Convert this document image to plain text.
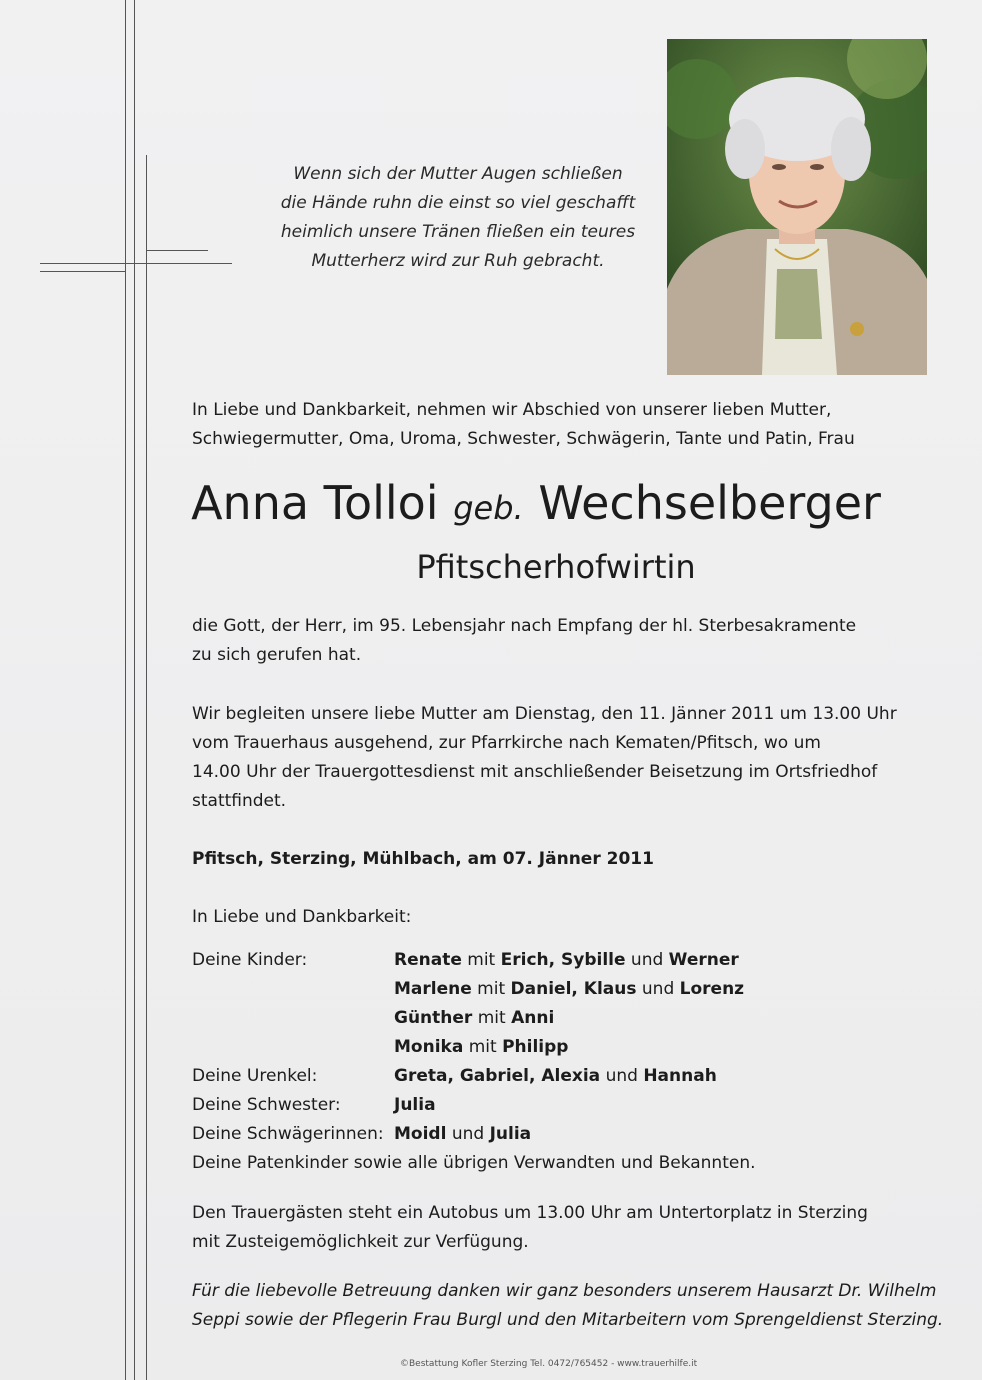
Wenn sich der Mutter Augen schließen
die Hände ruhn die einst so viel geschafft
heimlich unsere Tränen fließen ein teures
Mutterherz wird zur Ruh gebracht.
In Liebe und Dankbarkeit, nehmen wir Abschied von unserer lieben Mutter,
Schwiegermutter, Oma, Uroma, Schwester, Schwägerin, Tante und Patin, Frau
Anna Tolloi geb. Wechselberger
Pfitscherhofwirtin
die Gott, der Herr, im 95. Lebensjahr nach Empfang der hl. Sterbesakramente
zu sich gerufen hat.
Wir begleiten unsere liebe Mutter am Dienstag, den 11. Jänner 2011 um 13.00 Uhr
vom Trauerhaus ausgehend, zur Pfarrkirche nach Kematen/Pfitsch, wo um
14.00 Uhr der Trauergottesdienst mit anschließender Beisetzung im Ortsfriedhof
stattfindet.
Pfitsch, Sterzing, Mühlbach, am 07. Jänner 2011
In Liebe und Dankbarkeit:
Deine Kinder:	Renate mit Erich, Sybille und Werner
Marlene mit Daniel, Klaus und Lorenz
Günther mit Anni
Monika mit Philipp
Deine Urenkel:	Greta, Gabriel, Alexia und Hannah
Deine Schwester:	Julia
Deine Schwägerinnen: Moidl und Julia
Deine Patenkinder sowie alle übrigen Verwandten und Bekannten.
Den Trauergästen steht ein Autobus um 13.00 Uhr am Untertorplatz in Sterzing
mit Zusteigemöglichkeit zur Verfügung.
Für die liebevolle Betreuung danken wir ganz besonders unserem Hausarzt Dr. Wilhelm
Seppi sowie der Pflegerin Frau Burgl und den Mitarbeitern vom Sprengeldienst Sterzing.
©Bestattung Kofler Sterzing Tel. 0472/765452 - www.trauerhilfe.it
